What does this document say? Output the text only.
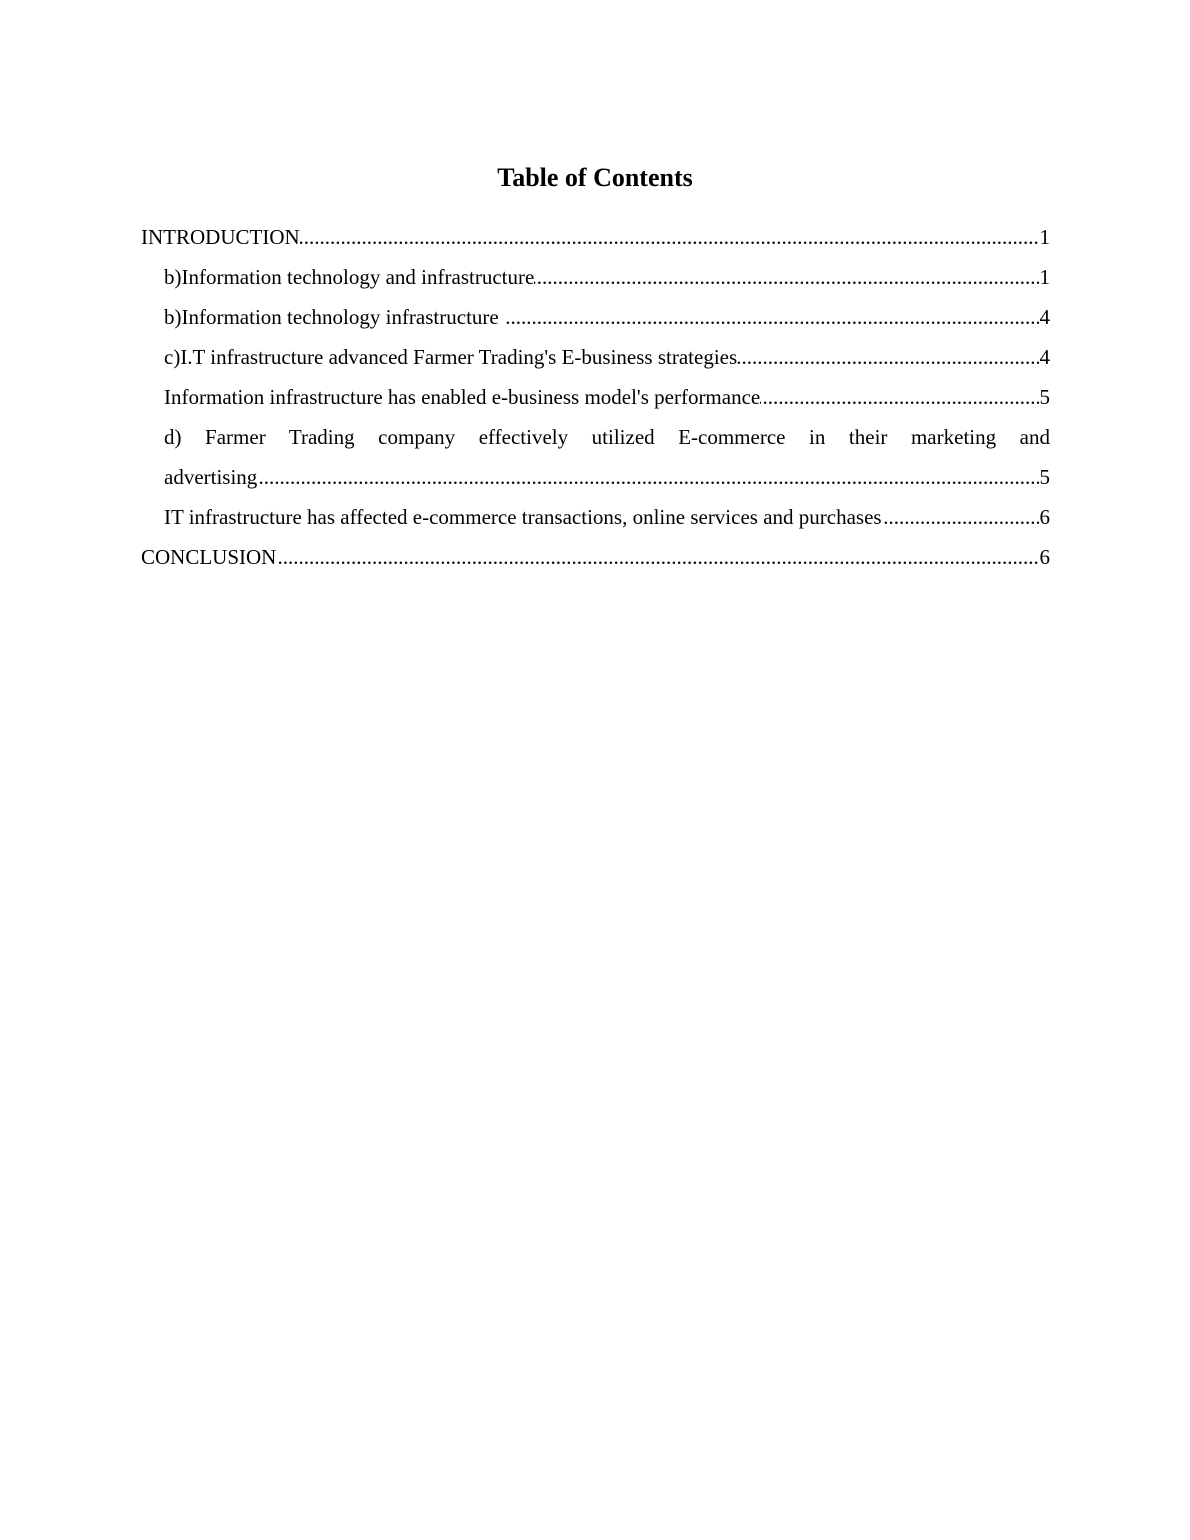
Table of Contents
.....
INTRODUCTION	1
.....
b)Information technology and infrastructure	1
.....
b)Information technology infrastructure	4
.....
c)I.T infrastructure advanced Farmer Trading's E-business strategies	4
.....
Information infrastructure has enabled e-business model's performance	5
d) Farmer Trading company effectively utilized E-commerce in their marketing and
.....
advertising	5
.....
IT infrastructure has affected e-commerce transactions, online services and purchases	6
.....
CONCLUSION	6
